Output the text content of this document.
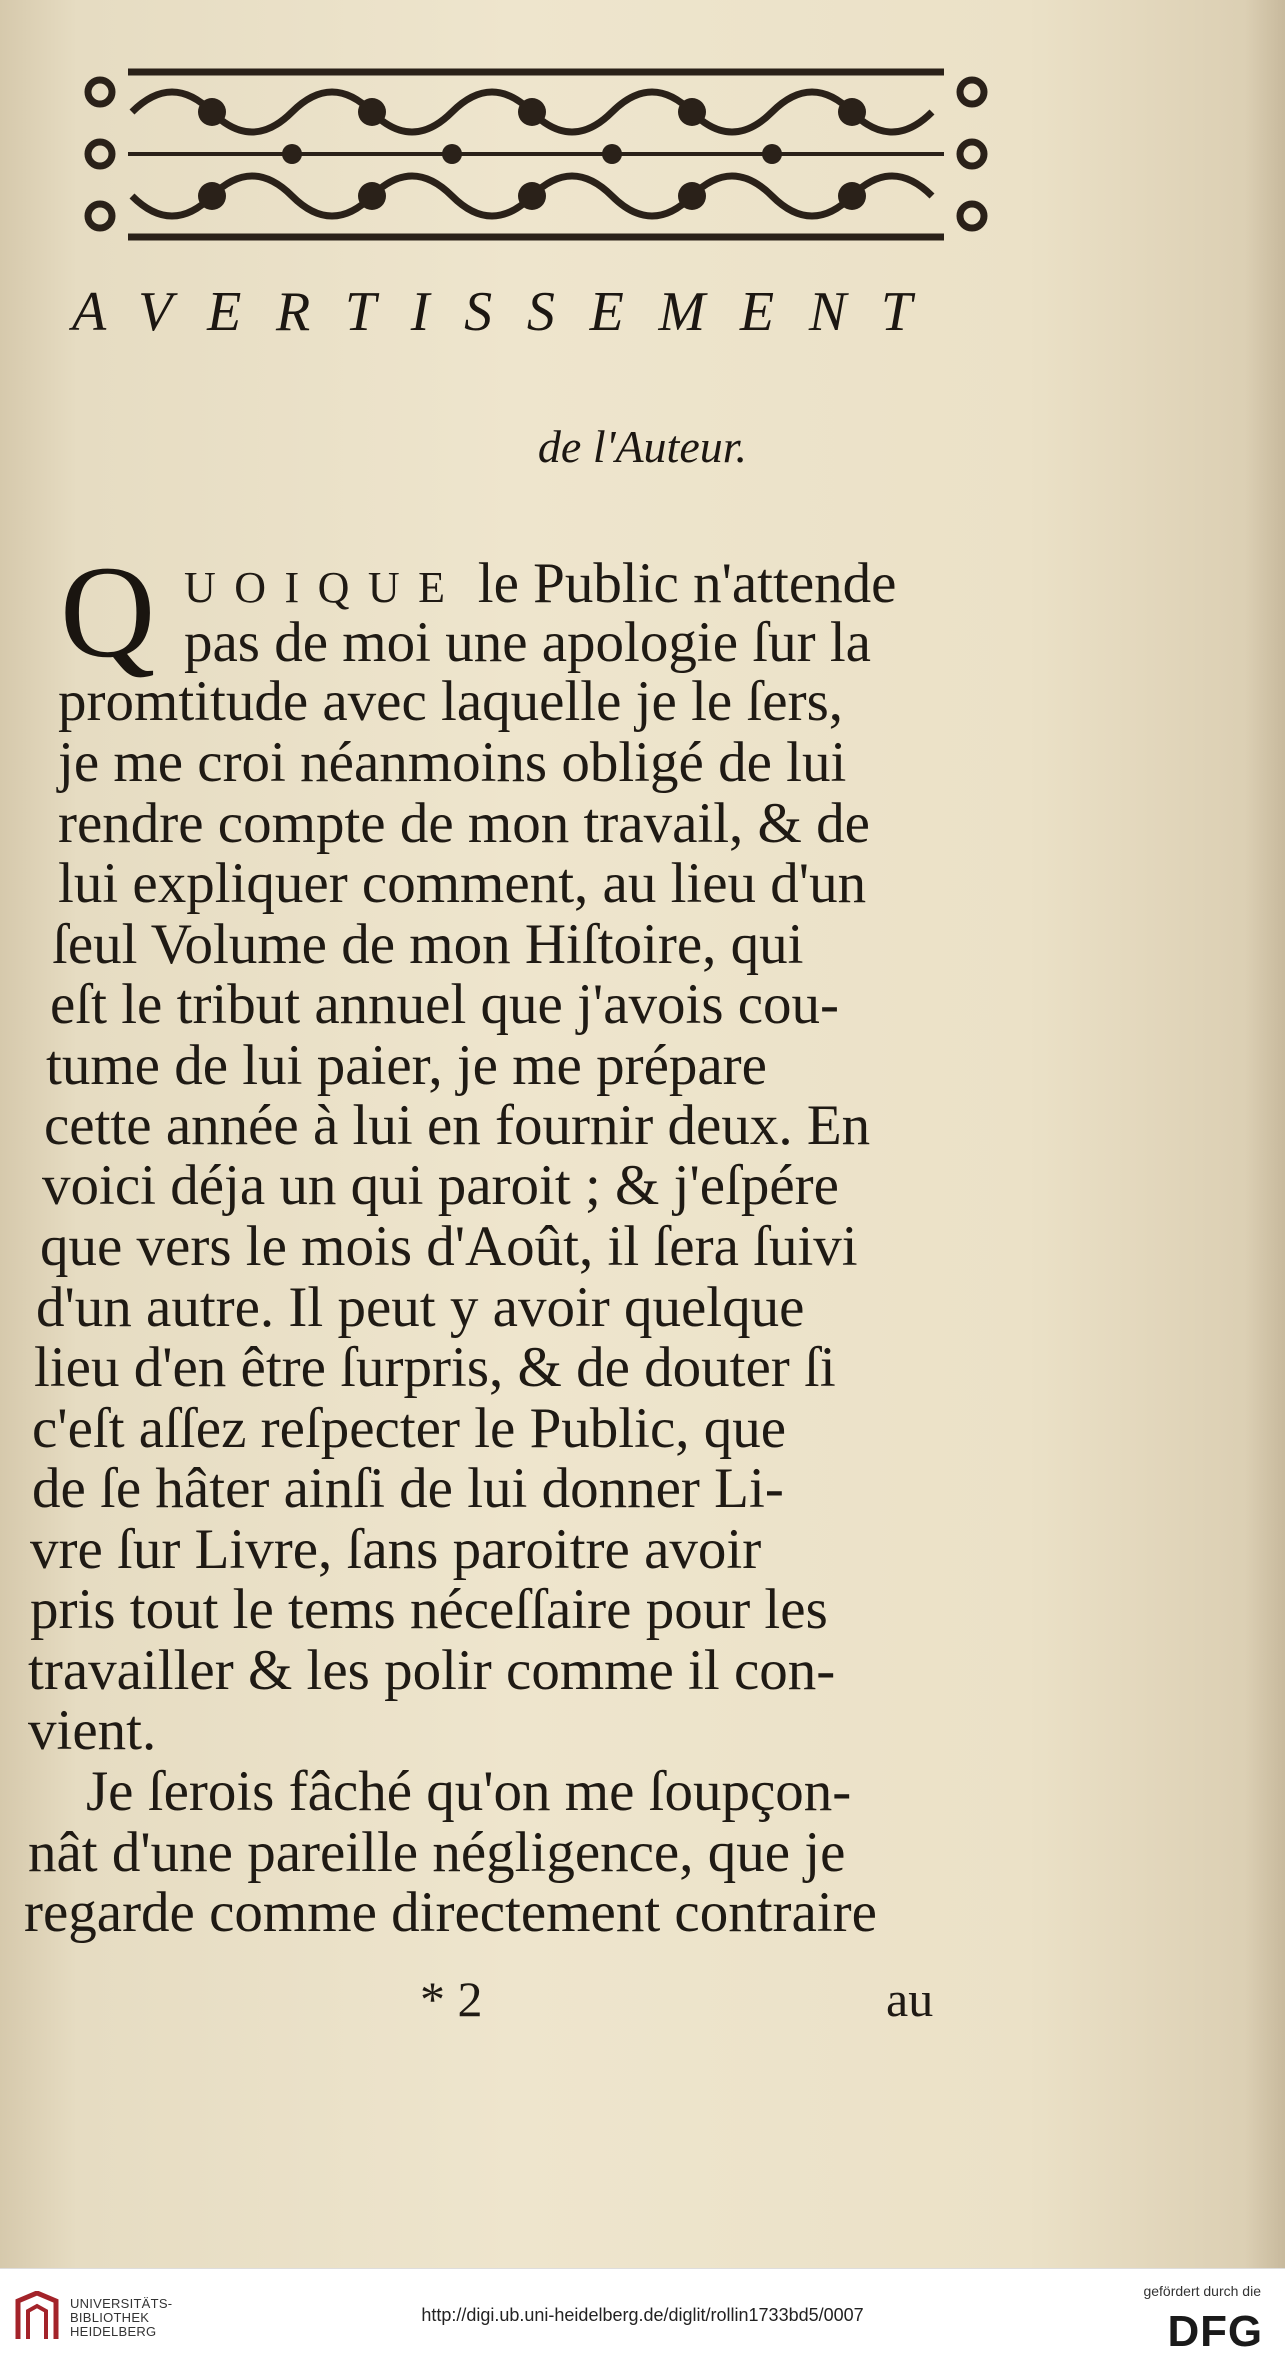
AVERTISSEMENT
de l'Auteur.
Q UOIQUE le Public n'attende
pas de moi une apologie ſur la
promtitude avec laquelle je le ſers,
je me croi néanmoins obligé de lui
rendre compte de mon travail, & de
lui expliquer comment, au lieu d'un
ſeul Volume de mon Hiſtoire, qui
eſt le tribut annuel que j'avois cou-
tume de lui paier, je me prépare
cette année à lui en fournir deux. En
voici déja un qui paroit ; & j'eſpére
que vers le mois d'Août, il ſera ſuivi
d'un autre. Il peut y avoir quelque
lieu d'en être ſurpris, & de douter ſi
c'eſt aſſez reſpecter le Public, que
de ſe hâter ainſi de lui donner Li-
vre ſur Livre, ſans paroitre avoir
pris tout le tems néceſſaire pour les
travailler & les polir comme il con-
vient.
Je ſerois fâché qu'on me ſoupçon-
nât d'une pareille négligence, que je
regarde comme directement contraire
* 2	au
UNIVERSITÄTS-
BIBLIOTHEK
HEIDELBERG
http://digi.ub.uni-heidelberg.de/diglit/rollin1733bd5/0007
gefördert durch die
DFG
